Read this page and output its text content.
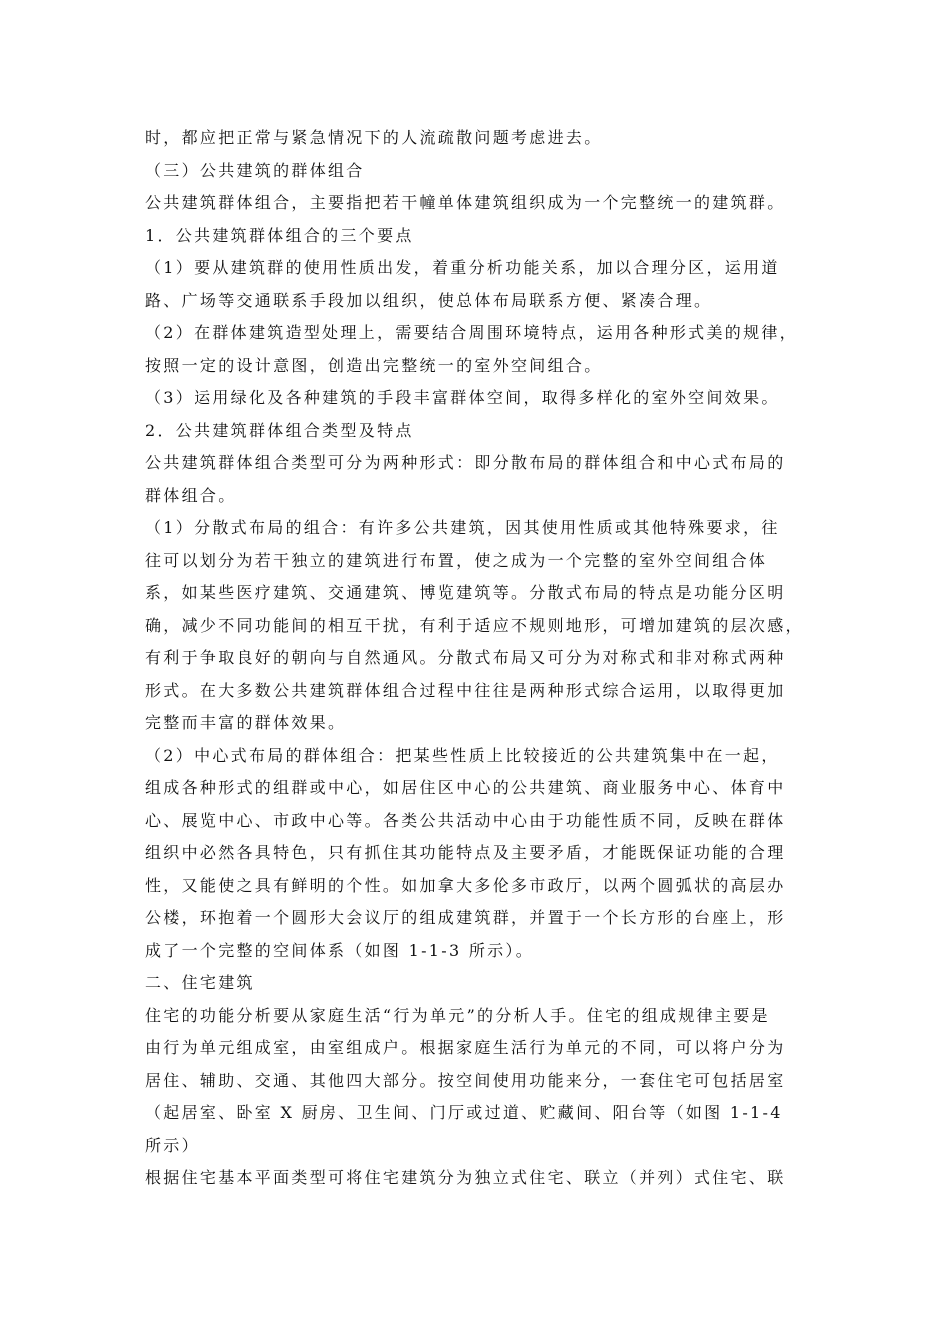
时，都应把正常与紧急情况下的人流疏散问题考虑进去。
（三）公共建筑的群体组合
公共建筑群体组合，主要指把若干幢单体建筑组织成为一个完整统一的建筑群。
1．公共建筑群体组合的三个要点
（1）要从建筑群的使用性质出发，着重分析功能关系，加以合理分区，运用道
路、广场等交通联系手段加以组织，使总体布局联系方便、紧凑合理。
（2）在群体建筑造型处理上，需要结合周围环境特点，运用各种形式美的规律，
按照一定的设计意图，创造出完整统一的室外空间组合。
（3）运用绿化及各种建筑的手段丰富群体空间，取得多样化的室外空间效果。
2．公共建筑群体组合类型及特点
公共建筑群体组合类型可分为两种形式：即分散布局的群体组合和中心式布局的
群体组合。
（1）分散式布局的组合：有许多公共建筑，因其使用性质或其他特殊要求，往
往可以划分为若干独立的建筑进行布置，使之成为一个完整的室外空间组合体
系，如某些医疗建筑、交通建筑、博览建筑等。分散式布局的特点是功能分区明
确，减少不同功能间的相互干扰，有利于适应不规则地形，可增加建筑的层次感，
有利于争取良好的朝向与自然通风。分散式布局又可分为对称式和非对称式两种
形式。在大多数公共建筑群体组合过程中往往是两种形式综合运用，以取得更加
完整而丰富的群体效果。
（2）中心式布局的群体组合：把某些性质上比较接近的公共建筑集中在一起，
组成各种形式的组群或中心，如居住区中心的公共建筑、商业服务中心、体育中
心、展览中心、市政中心等。各类公共活动中心由于功能性质不同，反映在群体
组织中必然各具特色，只有抓住其功能特点及主要矛盾，才能既保证功能的合理
性，又能使之具有鲜明的个性。如加拿大多伦多市政厅，以两个圆弧状的高层办
公楼，环抱着一个圆形大会议厅的组成建筑群，并置于一个长方形的台座上，形
成了一个完整的空间体系（如图 1-1-3 所示）。
二、住宅建筑
住宅的功能分析要从家庭生活“行为单元”的分析人手。住宅的组成规律主要是
由行为单元组成室，由室组成户。根据家庭生活行为单元的不同，可以将户分为
居住、辅助、交通、其他四大部分。按空间使用功能来分，一套住宅可包括居室
（起居室、卧室 X 厨房、卫生间、门厅或过道、贮藏间、阳台等（如图 1-1-4
所示）
根据住宅基本平面类型可将住宅建筑分为独立式住宅、联立（并列）式住宅、联
